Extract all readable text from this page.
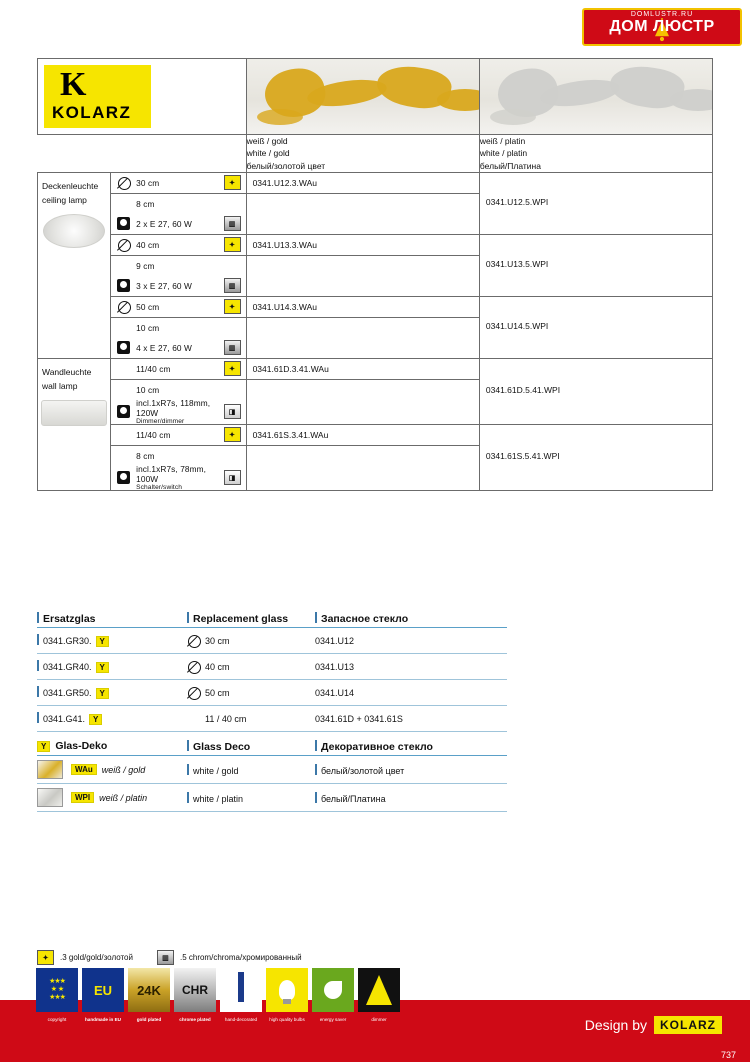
DOMLUSTR.RU
ДОМ ЛЮСТР
K
KOLARZ			

weiß / gold
white / gold
белый/золотой цвет

weiß / platin
white / platin
белый/Платина

Deckenleuchte
ceiling lamp

30 cm	✦	0341.U12.3.WAu

0341.U12.5.WPI

	8 cm
2 x E 27, 60 W ▥		

	40 cm ✦	0341.U13.3.WAu	0341.U13.5.WPI

	9 cm
3 x E 27, 60 W ▥		

	50 cm ✦	0341.U14.3.WAu	0341.U14.5.WPI

	10 cm
4 x E 27, 60 W ▥		

Wandleuchte
wall lamp

11/40 cm	✦	0341.61D.3.41.WAu

0341.61D.5.41.WPI

	10 cm
incl.1xR7s, 118mm, 120W
Dimmer/dimmer
◨		

	11/40 cm ✦	0341.61S.3.41.WAu	0341.61S.5.41.WPI

	8 cm
incl.1xR7s, 78mm, 100W
Schalter/switch
◨		

Ersatzglas	Replacement glass	Запасное стекло
0341.GR30. Y	30 cm	0341.U12
0341.GR40. Y	40 cm	0341.U13
0341.GR50. Y	50 cm	0341.U14
0341.G41. Y	11 / 40 cm	0341.61D + 0341.61S
Y Glas-Deko	Glass Deco	Декоративное стекло
WAu	weiß / gold	white / gold	белый/золотой цвет
WPI	weiß / platin	white / platin	белый/Платина
✦ .3 gold/gold/золотой	▥ .5 chrom/chroma/хромированный
★★★
★  ★
★★★
copyright
EU
handmade in EU
24K
gold plated
CHR
chrome plated	hand-decorated	high quality bulbs	energy saver	dimmer	Design by	KOLARZ
737
